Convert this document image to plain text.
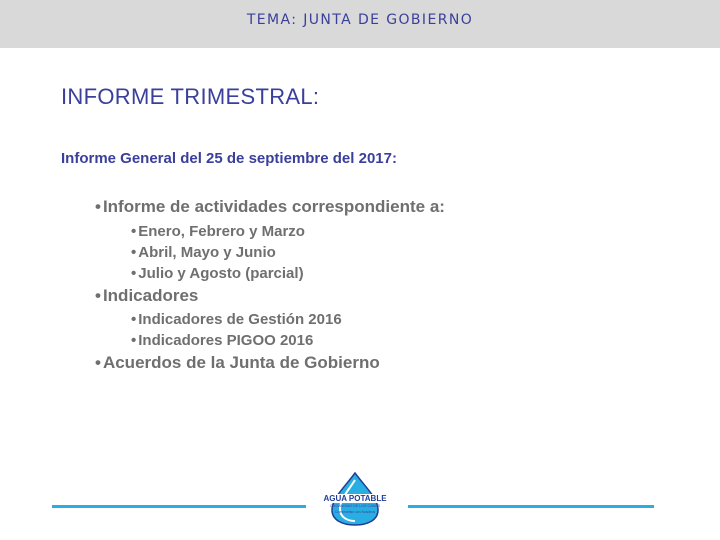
TEMA: JUNTA DE GOBIERNO
INFORME TRIMESTRAL:
Informe General del 25 de septiembre del 2017:
• Informe de actividades correspondiente a:
• Enero, Febrero y Marzo
• Abril, Mayo y Junio
• Julio y Agosto (parcial)
• Indicadores
• Indicadores de Gestión 2016
• Indicadores PIGOO 2016
• Acuerdos de la Junta de Gobierno
AGUA POTABLE
ORGANISMO DE LOS CABOS
Compromiso con Nosotros
